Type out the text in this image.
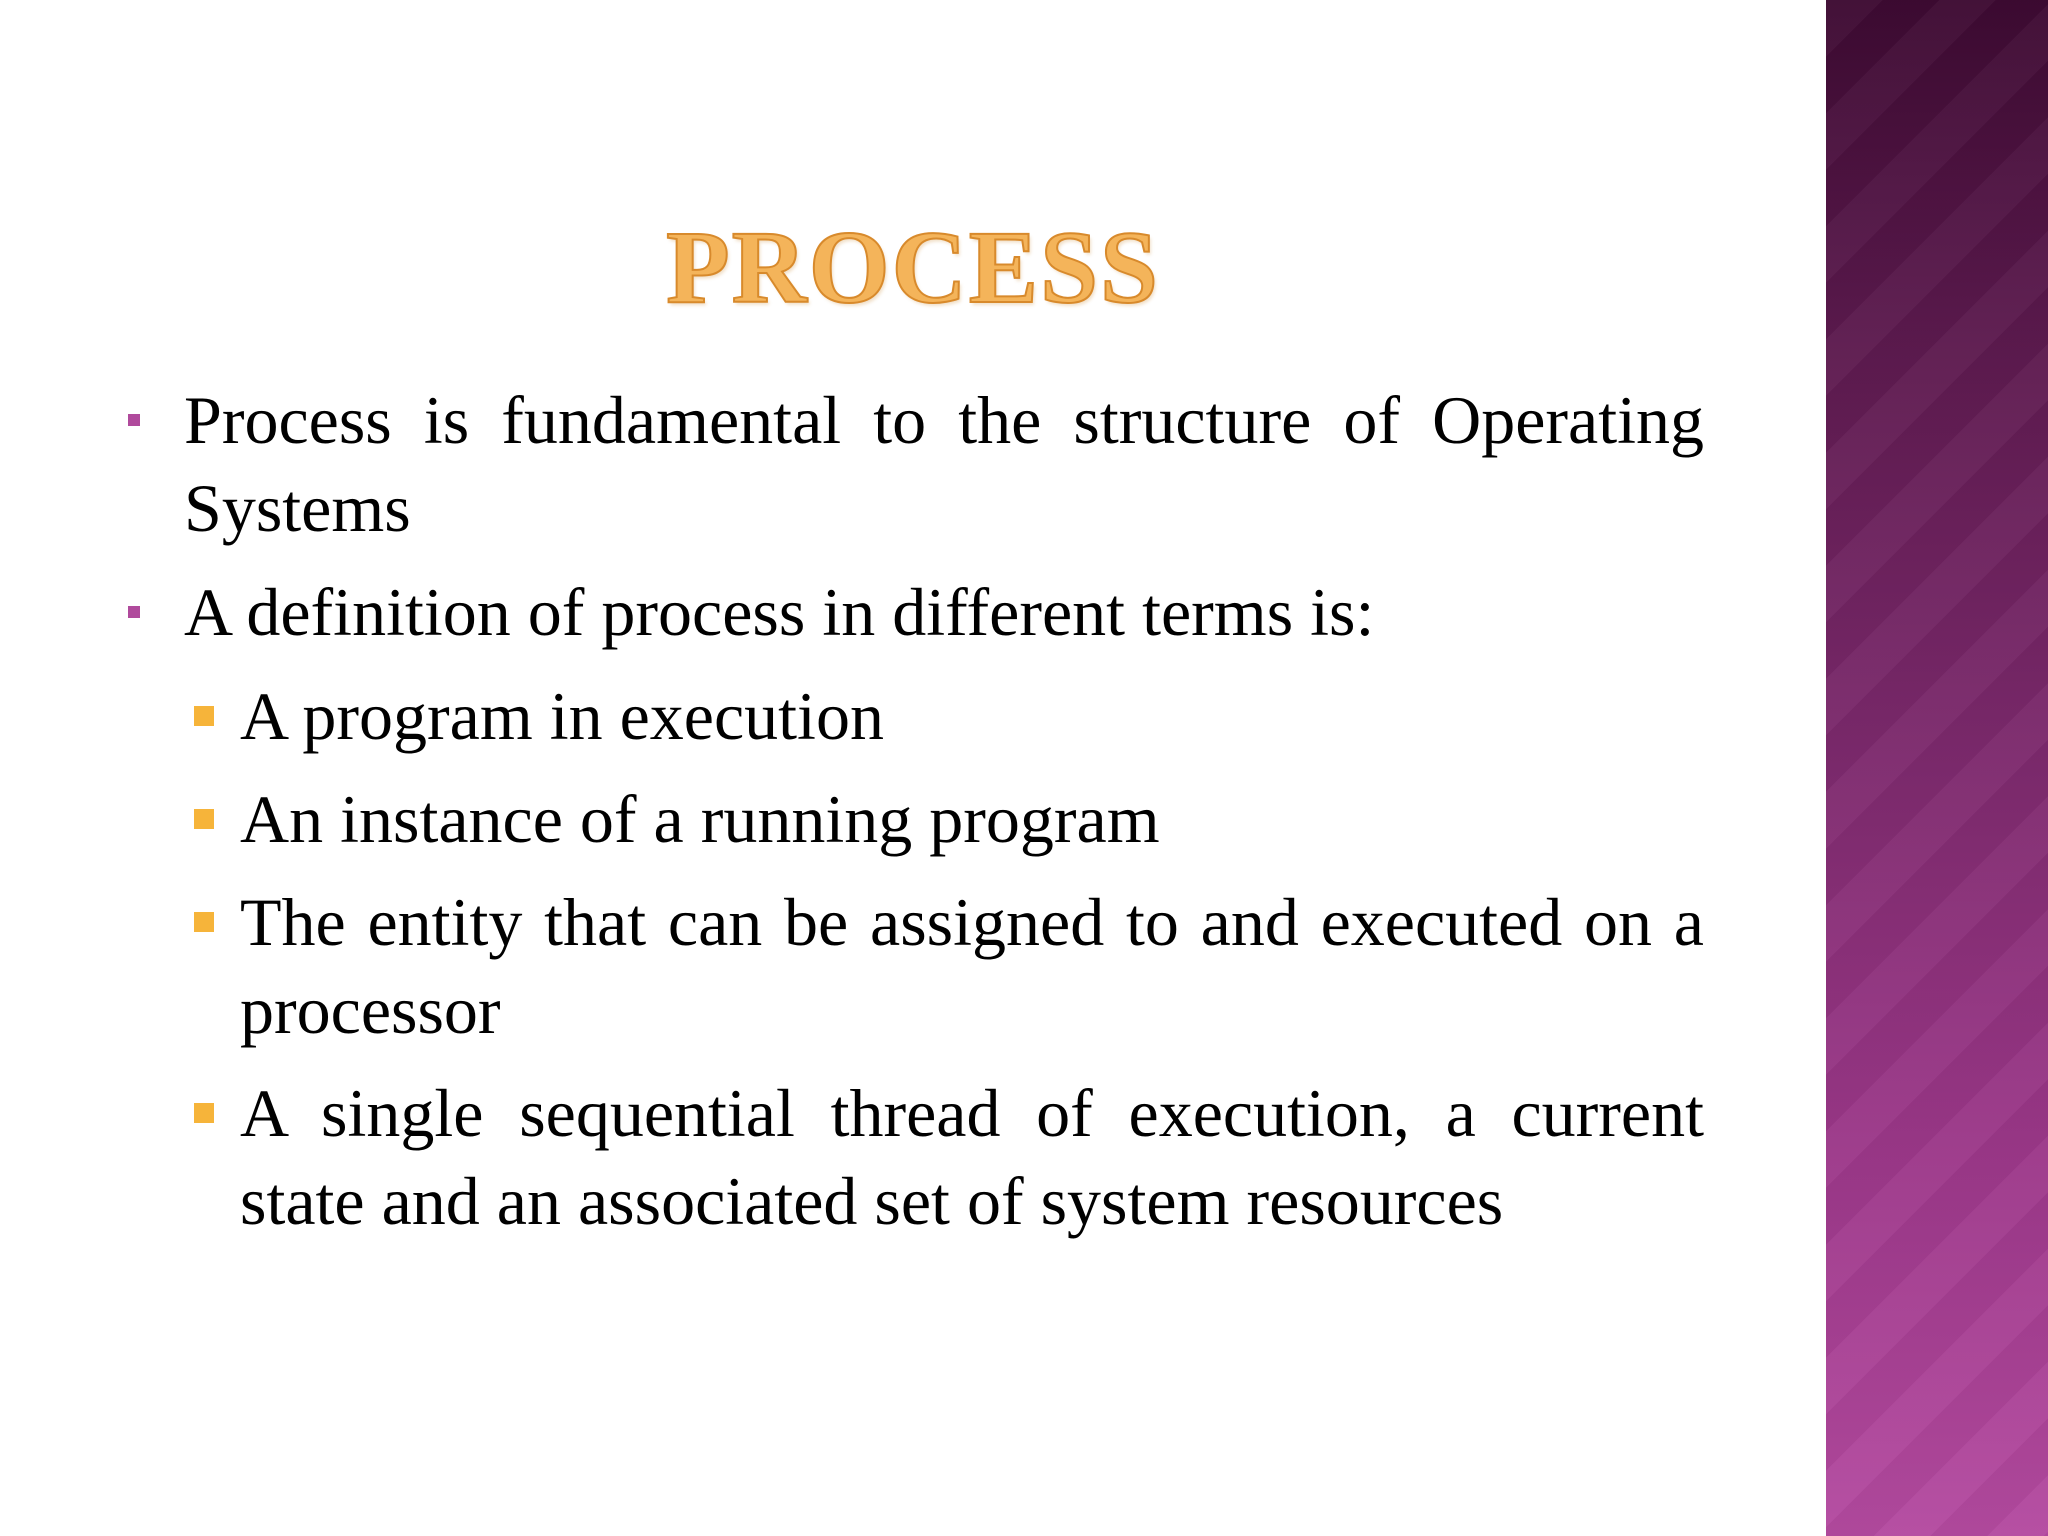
PROCESS
Process is fundamental to the structure of Operating Systems
A definition of process in different terms is:
A program in execution
An instance of a running program
The entity that can be assigned to and executed on a processor
A single sequential thread of execution, a current state and an associated set of system resources
